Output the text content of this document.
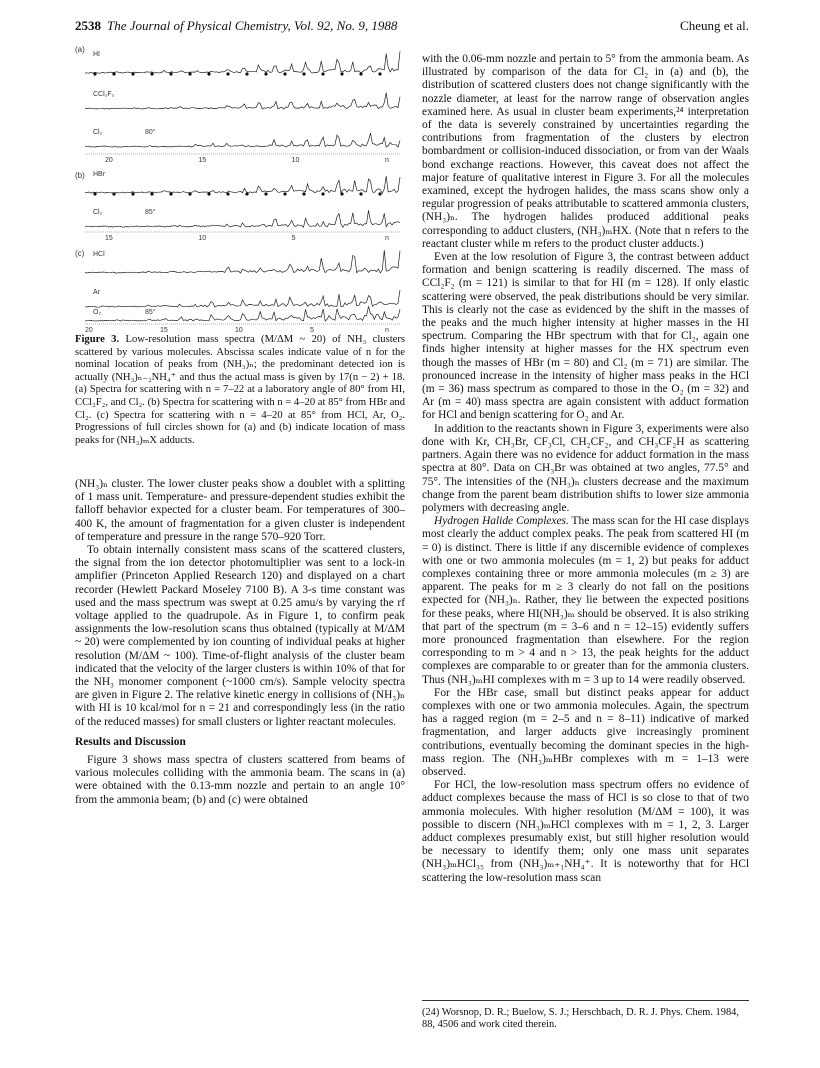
2538 The Journal of Physical Chemistry, Vol. 92, No. 9, 1988	Cheung et al.
(a)
HI
CCl₂F₂
Cl₂	80°
20	15	10	n
(b) HBr
Cl₂	85°
15	10	5	n
(c) HCl
Ar
O₂	85°
20	15	10	5	n
Figure 3. Low-resolution mass spectra (M/ΔM ~ 20) of NH₃ clusters scattered by various molecules. Abscissa scales indicate value of n for the nominal location of peaks from (NH₃)ₙ; the predominant detected ion is actually (NH₃)ₙ₋₂NH₄⁺ and thus the actual mass is given by 17(n − 2) + 18. (a) Spectra for scattering with n = 7–22 at a laboratory angle of 80° from HI, CCl₂F₂, and Cl₂. (b) Spectra for scattering with n = 4–20 at 85° from HBr and Cl₂. (c) Spectra for scattering with n = 4–20 at 85° from HCl, Ar, O₂. Progressions of full circles shown for (a) and (b) indicate location of mass peaks for (NH₃)ₘX adducts.

(NH₃)ₙ cluster. The lower cluster peaks show a doublet with a splitting of 1 mass unit. Temperature- and pressure-dependent studies exhibit the falloff behavior expected for a cluster beam. For temperatures of 300–400 K, the amount of fragmentation for a given cluster is independent of temperature and pressure in the range 570–920 Torr.

To obtain internally consistent mass scans of the scattered clusters, the signal from the ion detector photomultiplier was sent to a lock-in amplifier (Princeton Applied Research 120) and displayed on a chart recorder (Hewlett Packard Moseley 7100 B). A 3-s time constant was used and the mass spectrum was swept at 0.25 amu/s by varying the rf voltage applied to the quadrupole. As in Figure 1, to confirm peak assignments the low-resolution scans thus obtained (typically at M/ΔM ~ 20) were complemented by ion counting of individual peaks at higher resolution (M/ΔM ~ 100). Time-of-flight analysis of the cluster beam indicated that the velocity of the larger clusters is within 10% of that for the NH₃ monomer component (~1000 cm/s). Sample velocity spectra are given in Figure 2. The relative kinetic energy in collisions of (NH₃)ₙ with HI is 10 kcal/mol for n = 21 and correspondingly less (in the ratio of the reduced masses) for small clusters or lighter reactant molecules.

Results and Discussion

Figure 3 shows mass spectra of clusters scattered from beams of various molecules colliding with the ammonia beam. The scans in (a) were obtained with the 0.13-mm nozzle and pertain to an angle 10° from the ammonia beam; (b) and (c) were obtained

with the 0.06-mm nozzle and pertain to 5° from the ammonia beam. As illustrated by comparison of the data for Cl₂ in (a) and (b), the distribution of scattered clusters does not change significantly with the nozzle diameter, at least for the narrow range of observation angles examined here. As usual in cluster beam experiments,²⁴ interpretation of the data is severely constrained by uncertainties regarding the contributions from fragmentation of the clusters by electron bombardment or collision-induced dissociation, or from van der Waals bond exchange reactions. However, this caveat does not affect the major feature of qualitative interest in Figure 3. For all the molecules examined, except the hydrogen halides, the mass scans show only a regular progression of peaks attributable to scattered ammonia clusters, (NH₃)ₙ. The hydrogen halides produced additional peaks corresponding to adduct clusters, (NH₃)ₘHX. (Note that n refers to the reactant cluster while m refers to the product cluster adducts.)

Even at the low resolution of Figure 3, the contrast between adduct formation and benign scattering is readily discerned. The mass of CCl₂F₂ (m = 121) is similar to that for HI (m = 128). If only elastic scattering were observed, the peak distributions should be very similar. This is clearly not the case as evidenced by the shift in the masses of the peaks and the much higher intensity at higher masses in the HI spectrum. Comparing the HBr spectrum with that for Cl₂, again one finds higher intensity at higher masses for the HX spectrum even though the masses of HBr (m = 80) and Cl₂ (m = 71) are similar. The pronounced increase in the intensity of higher mass peaks in the HCl (m = 36) mass spectrum as compared to those in the O₂ (m = 32) and Ar (m = 40) mass spectra are again consistent with adduct formation for HCl and benign scattering for O₂ and Ar.

In addition to the reactants shown in Figure 3, experiments were also done with Kr, CH₃Br, CF₃Cl, CH₂CF₂, and CH₃CF₂H as scattering partners. Again there was no evidence for adduct formation in the mass spectra at 80°. Data on CH₃Br was obtained at two angles, 77.5° and 75°. The intensities of the (NH₃)ₙ clusters decrease and the maximum change from the parent beam distribution shifts to lower size ammonia polymers with decreasing angle.

Hydrogen Halide Complexes. The mass scan for the HI case displays most clearly the adduct complex peaks. The peak from scattered HI (m = 0) is distinct. There is little if any discernible evidence of complexes with one or two ammonia molecules (m = 1, 2) but peaks for adduct complexes containing three or more ammonia molecules (m ≥ 3) are apparent. The peaks for m ≥ 3 clearly do not fall on the positions expected for (NH₃)ₙ. Rather, they lie between the expected positions for these peaks, where HI(NH₃)ₘ should be observed. It is also striking that part of the spectrum (m = 3–6 and n = 12–15) evidently suffers more pronounced fragmentation than elsewhere. For the region corresponding to m > 4 and n > 13, the peak heights for the adduct complexes are comparable to or greater than for the ammonia clusters. Thus (NH₃)ₘHI complexes with m = 3 up to 14 were readily observed.

For the HBr case, small but distinct peaks appear for adduct complexes with one or two ammonia molecules. Again, the spectrum has a ragged region (m = 2–5 and n = 8–11) indicative of marked fragmentation, and larger adducts give increasingly prominent contributions, eventually becoming the dominant species in the high-mass region. The (NH₃)ₘHBr complexes with m = 1–13 were observed.

For HCl, the low-resolution mass spectrum offers no evidence of adduct complexes because the mass of HCl is so close to that of two ammonia molecules. With higher resolution (M/ΔM = 100), it was possible to discern (NH₃)ₘHCl complexes with m = 1, 2, 3. Larger adduct complexes presumably exist, but still higher resolution would be necessary to identify them; only one mass unit separates (NH₃)ₘHCl₃₅ from (NH₃)ₘ₊₁NH₄⁺. It is noteworthy that for HCl scattering the low-resolution mass scan

(24) Worsnop, D. R.; Buelow, S. J.; Herschbach, D. R. J. Phys. Chem. 1984, 88, 4506 and work cited therein.
